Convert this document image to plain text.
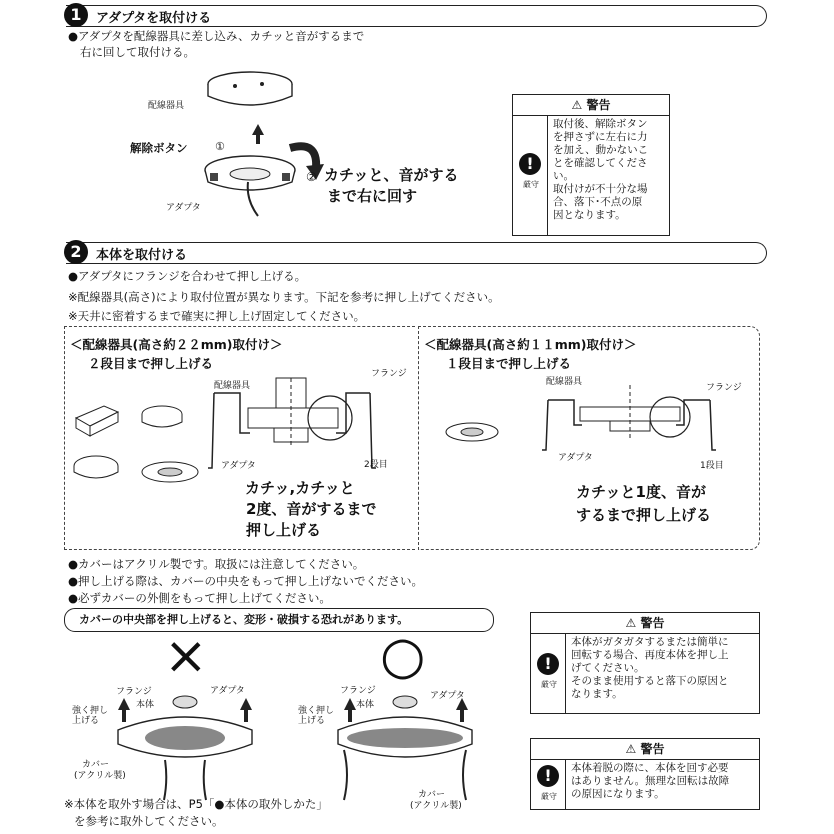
1	アダプタを取付ける
●アダプタを配線器具に差し込み、カチッと音がするまで
右に回して取付ける。
配線器具
解除ボタン	①
②
アダプタ
カチッと、音がする
まで右に回す
⚠ 警告
!
厳守
取付後、解除ボタン
を押さずに左右に力
を加え、動かないこ
とを確認してくださ
い。
取付けが不十分な場
合、落下･不点の原
因となります。
2	本体を取付ける
●アダプタにフランジを合わせて押し上げる。
※配線器具(高さ)により取付位置が異なります。下記を参考に押し上げてください。
※天井に密着するまで確実に押し上げ固定してください。
＜配線器具(高さ約２２mm)取付け＞
２段目まで押し上げる
配線器具
フランジ
アダプタ	2段目
カチッ,カチッと
2度、音がするまで
押し上げる
＜配線器具(高さ約１１mm)取付け＞
１段目まで押し上げる
配線器具
フランジ
アダプタ
1段目
カチッと1度、音が
するまで押し上げる
●カバーはアクリル製です。取扱には注意してください。
●押し上げる際は、カバーの中央をもって押し上げないでください。
●必ずカバーの外側をもって押し上げてください。
カバーの中央部を押し上げると、変形・破損する恐れがあります。
×	○
フランジ
本体
アダプタ
強く押し上げる
カバー
(アクリル製)
フランジ
本体
アダプタ
強く押し上げる
カバー
(アクリル製)
⚠ 警告
!
厳守
本体がガタガタするまたは簡単に
回転する場合、再度本体を押し上
げてください。
そのまま使用すると落下の原因と
なります。
⚠ 警告
!
厳守
本体着脱の際に、本体を回す必要
はありません。無理な回転は故障
の原因になります。
※本体を取外す場合は、P5「●本体の取外しかた」
を参考に取外してください。
